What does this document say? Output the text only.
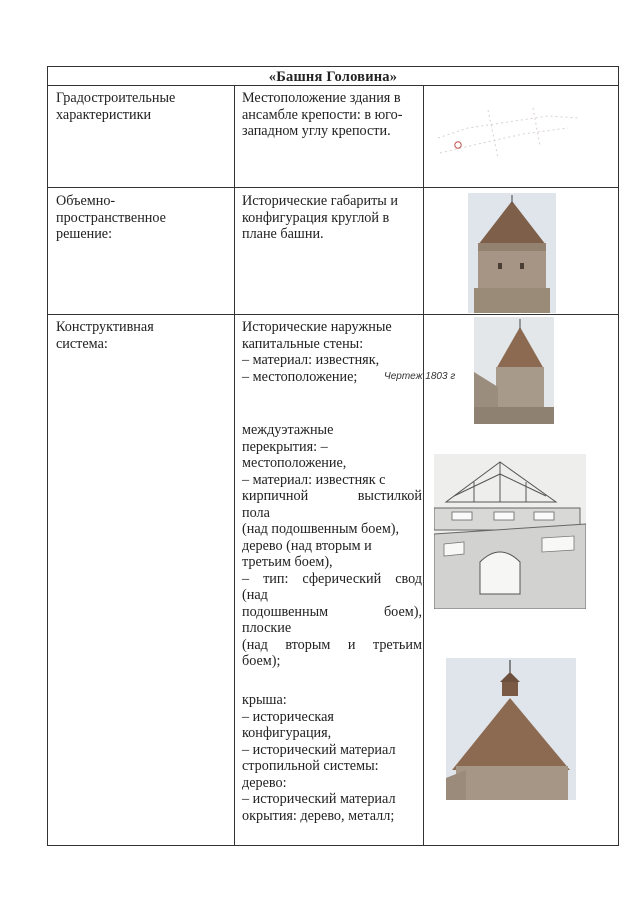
«Башня Головина»
Градостроительные
характеристики
Местоположение здания в
ансамбле крепости: в юго-
западном углу крепости.
Объемно-
пространственное
решение:
Исторические габариты и
конфигурация круглой в
плане башни.
Конструктивная
система:
Исторические наружные
капитальные стены:
– материал: известняк,
– местоположение;
междуэтажные
перекрытия: –
местоположение,
– материал: известняк с
кирпичной	выстилкой
пола
(над подошвенным боем),
дерево (над вторым и
третьим боем),
– тип: сферический свод
(над
подошвенным	боем),
плоские
(над вторым и третьим
боем);
крыша:
– историческая
конфигурация,
– исторический материал
стропильной системы:
дерево:
– исторический материал
окрытия: дерево, металл;
Чертеж 1803 г
